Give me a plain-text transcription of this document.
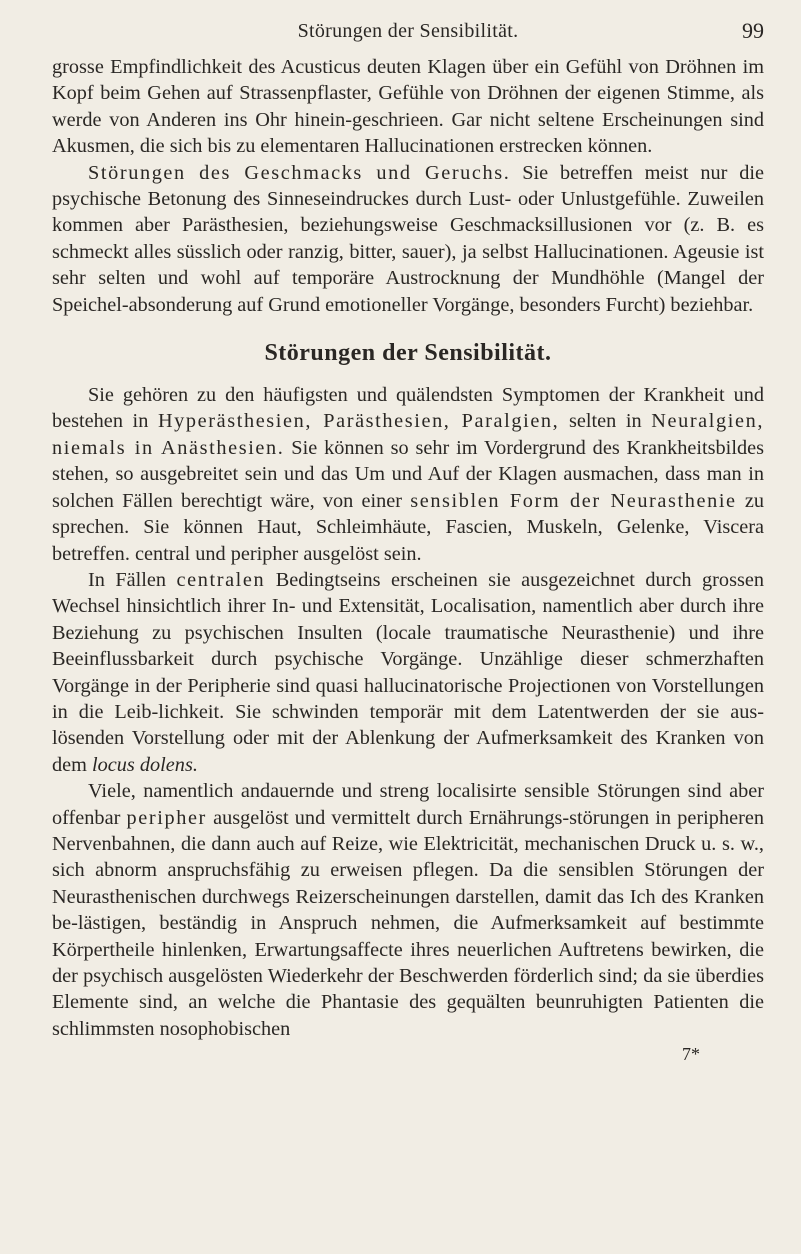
Störungen der Sensibilität.	99

grosse Empfindlichkeit des Acusticus deuten Klagen über ein Gefühl von Dröhnen im Kopf beim Gehen auf Strassenpflaster, Gefühle von Dröhnen der eigenen Stimme, als werde von Anderen ins Ohr hinein-geschrieen. Gar nicht seltene Erscheinungen sind Akusmen, die sich bis zu elementaren Hallucinationen erstrecken können.

Störungen des Geschmacks und Geruchs. Sie betreffen meist nur die psychische Betonung des Sinneseindruckes durch Lust- oder Unlustgefühle. Zuweilen kommen aber Parästhesien, beziehungsweise Geschmacksillusionen vor (z. B. es schmeckt alles süsslich oder ranzig, bitter, sauer), ja selbst Hallucinationen. Ageusie ist sehr selten und wohl auf temporäre Austrocknung der Mundhöhle (Mangel der Speichel-absonderung auf Grund emotioneller Vorgänge, besonders Furcht) beziehbar.

Störungen der Sensibilität.

Sie gehören zu den häufigsten und quälendsten Symptomen der Krankheit und bestehen in Hyperästhesien, Parästhesien, Paralgien, selten in Neuralgien, niemals in Anästhesien. Sie können so sehr im Vordergrund des Krankheitsbildes stehen, so ausgebreitet sein und das Um und Auf der Klagen ausmachen, dass man in solchen Fällen berechtigt wäre, von einer sensiblen Form der Neurasthenie zu sprechen. Sie können Haut, Schleimhäute, Fascien, Muskeln, Gelenke, Viscera betreffen. central und peripher ausgelöst sein.

In Fällen centralen Bedingtseins erscheinen sie ausgezeichnet durch grossen Wechsel hinsichtlich ihrer In- und Extensität, Localisation, namentlich aber durch ihre Beziehung zu psychischen Insulten (locale traumatische Neurasthenie) und ihre Beeinflussbarkeit durch psychische Vorgänge. Unzählige dieser schmerzhaften Vorgänge in der Peripherie sind quasi hallucinatorische Projectionen von Vorstellungen in die Leib-lichkeit. Sie schwinden temporär mit dem Latentwerden der sie aus-lösenden Vorstellung oder mit der Ablenkung der Aufmerksamkeit des Kranken von dem locus dolens.

Viele, namentlich andauernde und streng localisirte sensible Störungen sind aber offenbar peripher ausgelöst und vermittelt durch Ernährungs-störungen in peripheren Nervenbahnen, die dann auch auf Reize, wie Elektricität, mechanischen Druck u. s. w., sich abnorm anspruchsfähig zu erweisen pflegen. Da die sensiblen Störungen der Neurasthenischen durchwegs Reizerscheinungen darstellen, damit das Ich des Kranken be-lästigen, beständig in Anspruch nehmen, die Aufmerksamkeit auf bestimmte Körpertheile hinlenken, Erwartungsaffecte ihres neuerlichen Auftretens bewirken, die der psychisch ausgelösten Wiederkehr der Beschwerden förderlich sind; da sie überdies Elemente sind, an welche die Phantasie des gequälten beunruhigten Patienten die schlimmsten nosophobischen

7*
